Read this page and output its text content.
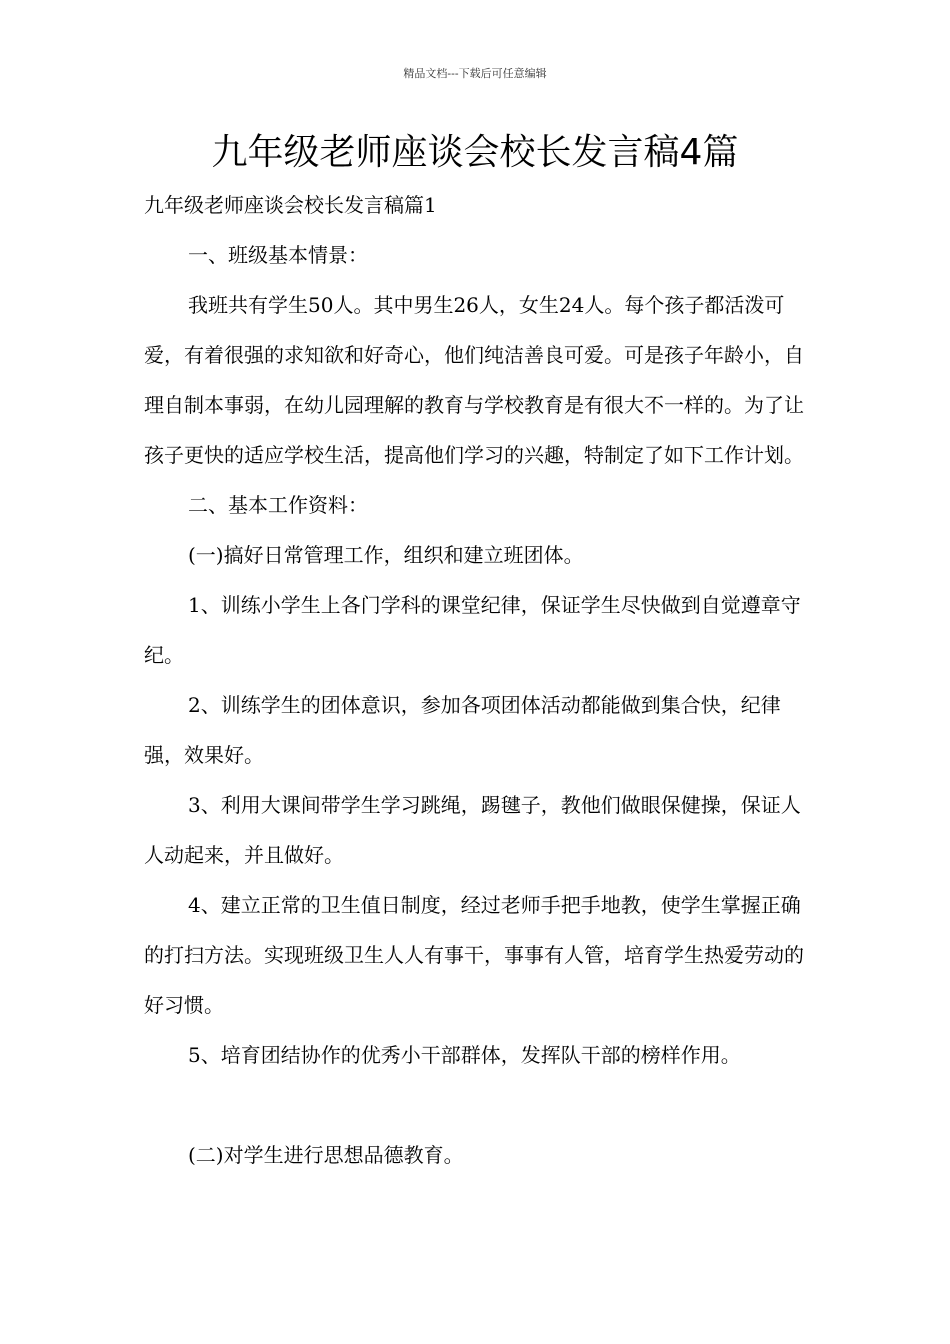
精品文档---下载后可任意编辑
九年级老师座谈会校长发言稿4篇

九年级老师座谈会校长发言稿篇1

一、班级基本情景：

我班共有学生50人。其中男生26人，女生24人。每个孩子都活泼可爱，有着很强的求知欲和好奇心，他们纯洁善良可爱。可是孩子年龄小，自理自制本事弱，在幼儿园理解的教育与学校教育是有很大不一样的。为了让孩子更快的适应学校生活，提高他们学习的兴趣，特制定了如下工作计划。

二、基本工作资料：

(一)搞好日常管理工作，组织和建立班团体。

1、训练小学生上各门学科的课堂纪律，保证学生尽快做到自觉遵章守纪。

2、训练学生的团体意识，参加各项团体活动都能做到集合快，纪律强，效果好。

3、利用大课间带学生学习跳绳，踢毽子，教他们做眼保健操，保证人人动起来，并且做好。

4、建立正常的卫生值日制度，经过老师手把手地教，使学生掌握正确的打扫方法。实现班级卫生人人有事干，事事有人管，培育学生热爱劳动的好习惯。

5、培育团结协作的优秀小干部群体，发挥队干部的榜样作用。

(二)对学生进行思想品德教育。
